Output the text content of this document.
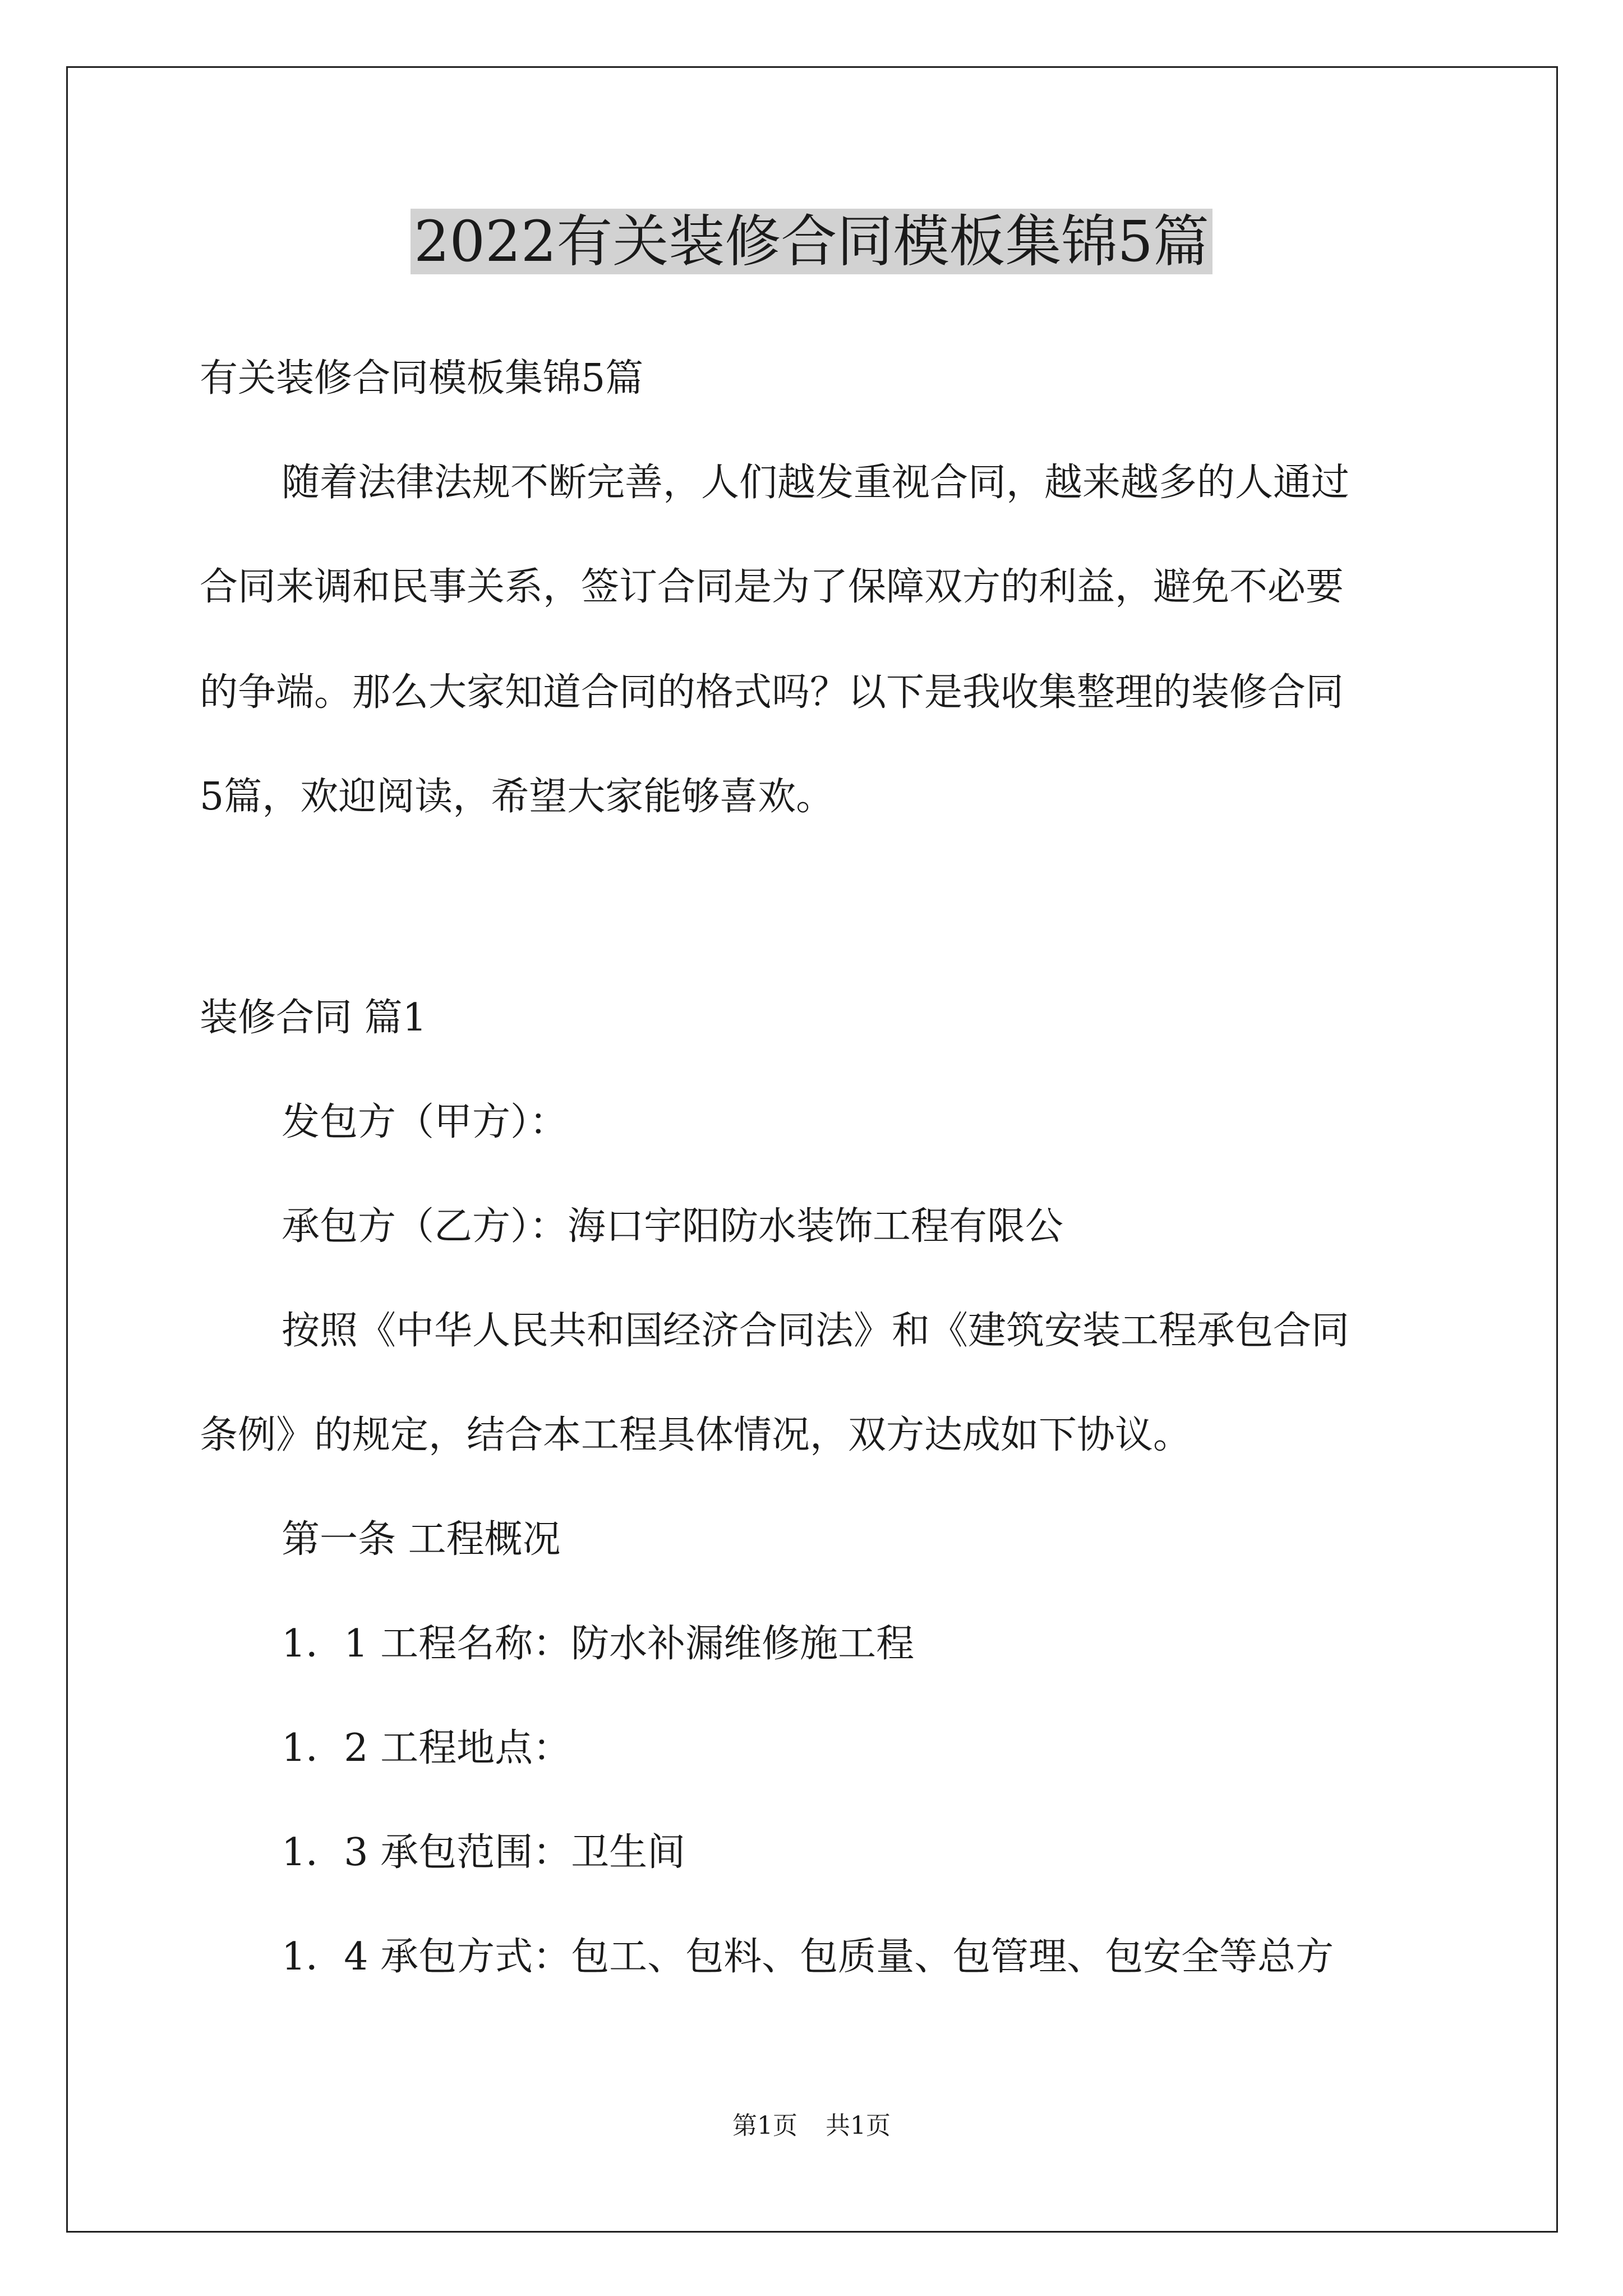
2022有关装修合同模板集锦5篇
有关装修合同模板集锦5篇
随着法律法规不断完善，人们越发重视合同，越来越多的人通过
合同来调和民事关系，签订合同是为了保障双方的利益，避免不必要
的争端。那么大家知道合同的格式吗？以下是我收集整理的装修合同
5篇，欢迎阅读，希望大家能够喜欢。
装修合同 篇1
发包方（甲方）：
承包方（乙方）：海口宇阳防水装饰工程有限公
按照《中华人民共和国经济合同法》和《建筑安装工程承包合同
条例》的规定，结合本工程具体情况，双方达成如下协议。
第一条 工程概况
1．1 工程名称：防水补漏维修施工程
1．2 工程地点：
1．3 承包范围：卫生间
1．4 承包方式：包工、包料、包质量、包管理、包安全等总方
第1页 共1页
